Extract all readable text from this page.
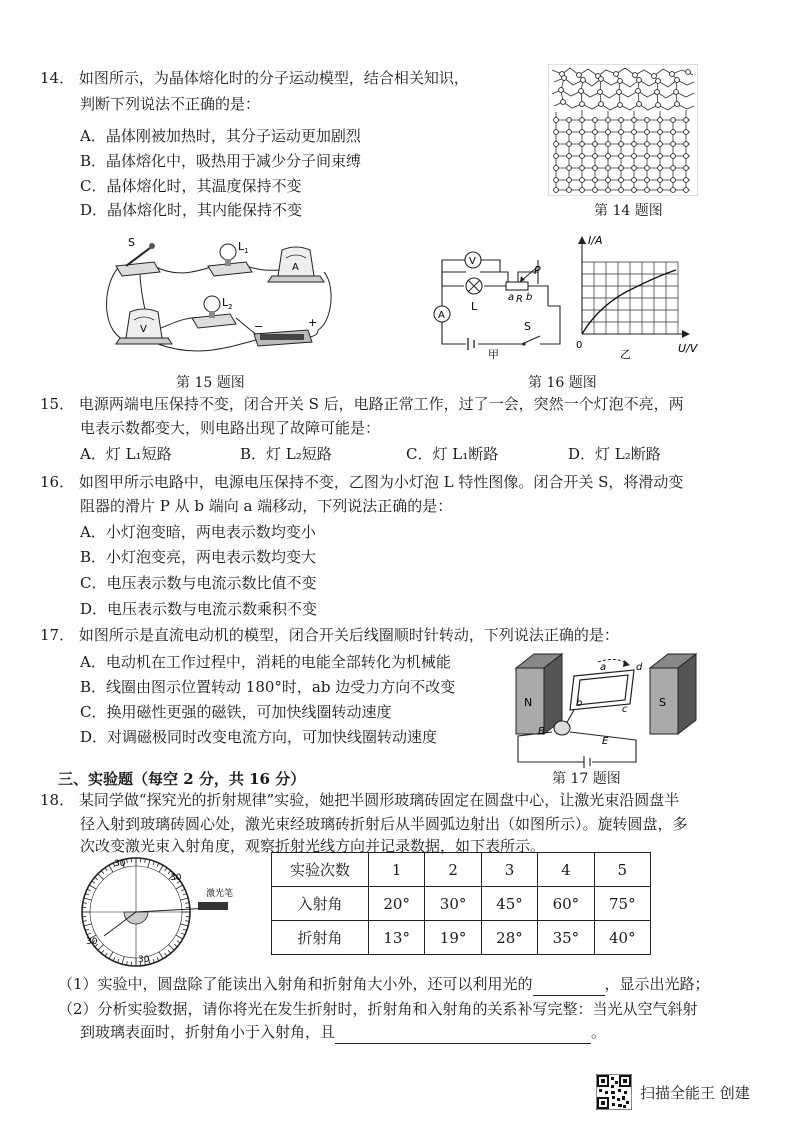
14． 如图所示，为晶体熔化时的分子运动模型，结合相关知识，
判断下列说法不正确的是：
A．晶体刚被加热时，其分子运动更加剧烈
B．晶体熔化中，吸热用于减少分子间束缚
C．晶体熔化时，其温度保持不变
D．晶体熔化时，其内能保持不变	第 14 题图
S	$L_1$
A
V
$L_2$
−	+
第 15 题图
V
L
A
P
a R b
S
甲
I/A
U/V
0
乙
第 16 题图
15． 电源两端电压保持不变，闭合开关 S 后，电路正常工作，过了一会，突然一个灯泡不亮，两
电表示数都变大，则电路出现了故障可能是：
A．灯 L₁短路	B．灯 L₂短路	C．灯 L₁断路	D．灯 L₂断路
16． 如图甲所示电路中，电源电压保持不变，乙图为小灯泡 L 特性图像。闭合开关 S，将滑动变
阻器的滑片 P 从 b 端向 a 端移动，下列说法正确的是：
A．小灯泡变暗，两电表示数均变小
B．小灯泡变亮，两电表示数均变大
C．电压表示数与电流示数比值不变
D．电压表示数与电流示数乘积不变
17． 如图所示是直流电动机的模型，闭合开关后线圈顺时针转动，下列说法正确的是：
A．电动机在工作过程中，消耗的电能全部转化为机械能
B．线圈由图示位置转动 180°时，ab 边受力方向不改变
C．换用磁性更强的磁铁，可加快线圈转动速度
D．对调磁极同时改变电流方向，可加快线圈转动速度
N	S
a
b
c
d
B
E
第 17 题图
三、实验题（每空 2 分，共 16 分）
18． 某同学做“探究光的折射规律”实验，她把半圆形玻璃砖固定在圆盘中心，让激光束沿圆盘半
径入射到玻璃砖圆心处，激光束经玻璃砖折射后从半圆弧边射出（如图所示）。旋转圆盘，多
次改变激光束入射角度，观察折射光线方向并记录数据，如下表所示。
30
30
30
30
激光笔
实验次数	1	2	3	4	5
入射角	20°	30°	45°	60°	75°
折射角	13°	19°	28°	35°	40°
（1）实验中，圆盘除了能读出入射角和折射角大小外，还可以利用光的	，显示出光路；
（2）分析实验数据，请你将光在发生折射时，折射角和入射角的关系补写完整：当光从空气斜射
到玻璃表面时，折射角小于入射角，且	。
扫描全能王 创建
